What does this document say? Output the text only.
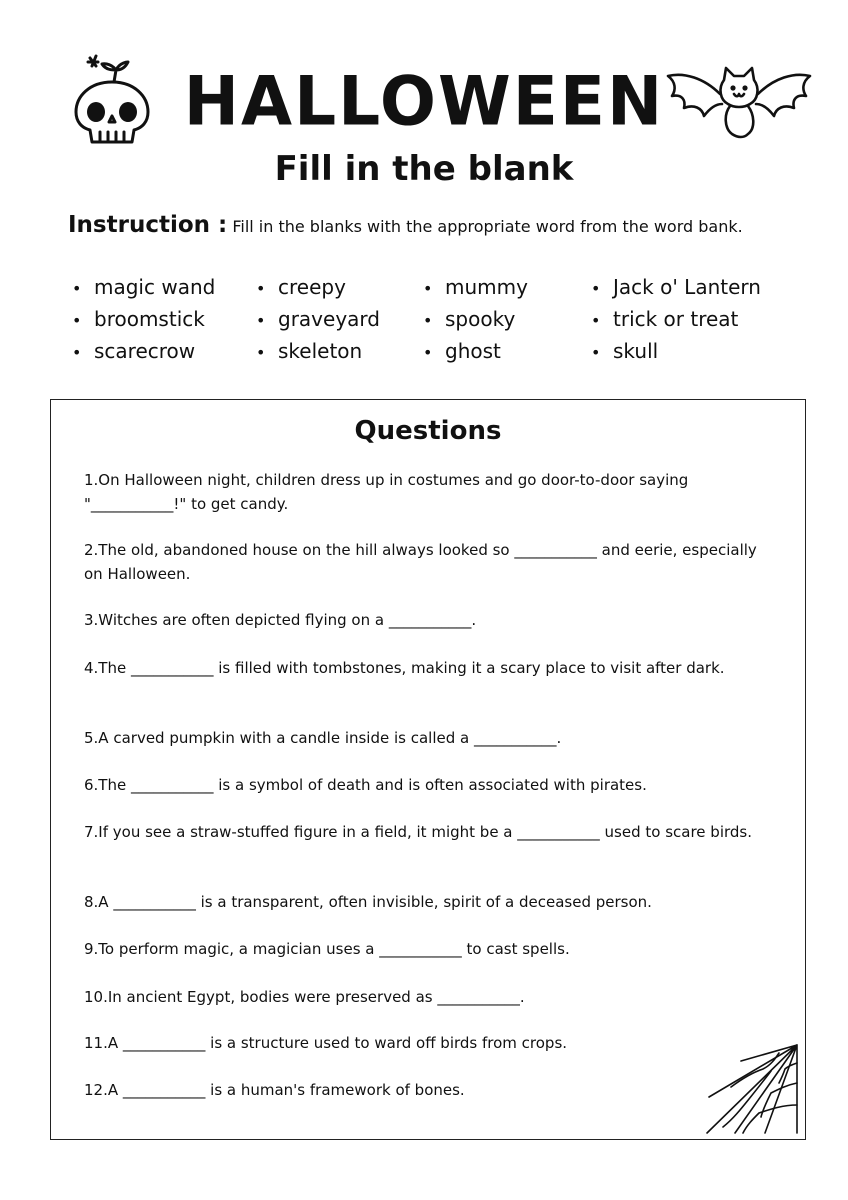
HALLOWEEN
Fill in the blank
Instruction : Fill in the blanks with the appropriate word from the word bank.
• magic wand
• broomstick
• scarecrow
• creepy
• graveyard
• skeleton
• mummy
• spooky
• ghost
• Jack o' Lantern
• trick or treat
• skull
Questions
1.On Halloween night, children dress up in costumes and go door-to-door saying "___________!" to get candy.
2.The old, abandoned house on the hill always looked so ___________ and eerie, especially on Halloween.
3.Witches are often depicted flying on a ___________.
4.The ___________ is filled with tombstones, making it a scary place to visit after dark.
5.A carved pumpkin with a candle inside is called a ___________.
6.The ___________ is a symbol of death and is often associated with pirates.
7.If you see a straw-stuffed figure in a field, it might be a ___________ used to scare birds.
8.A ___________ is a transparent, often invisible, spirit of a deceased person.
9.To perform magic, a magician uses a ___________ to cast spells.
10.In ancient Egypt, bodies were preserved as ___________.
11.A ___________ is a structure used to ward off birds from crops.
12.A ___________ is a human's framework of bones.
